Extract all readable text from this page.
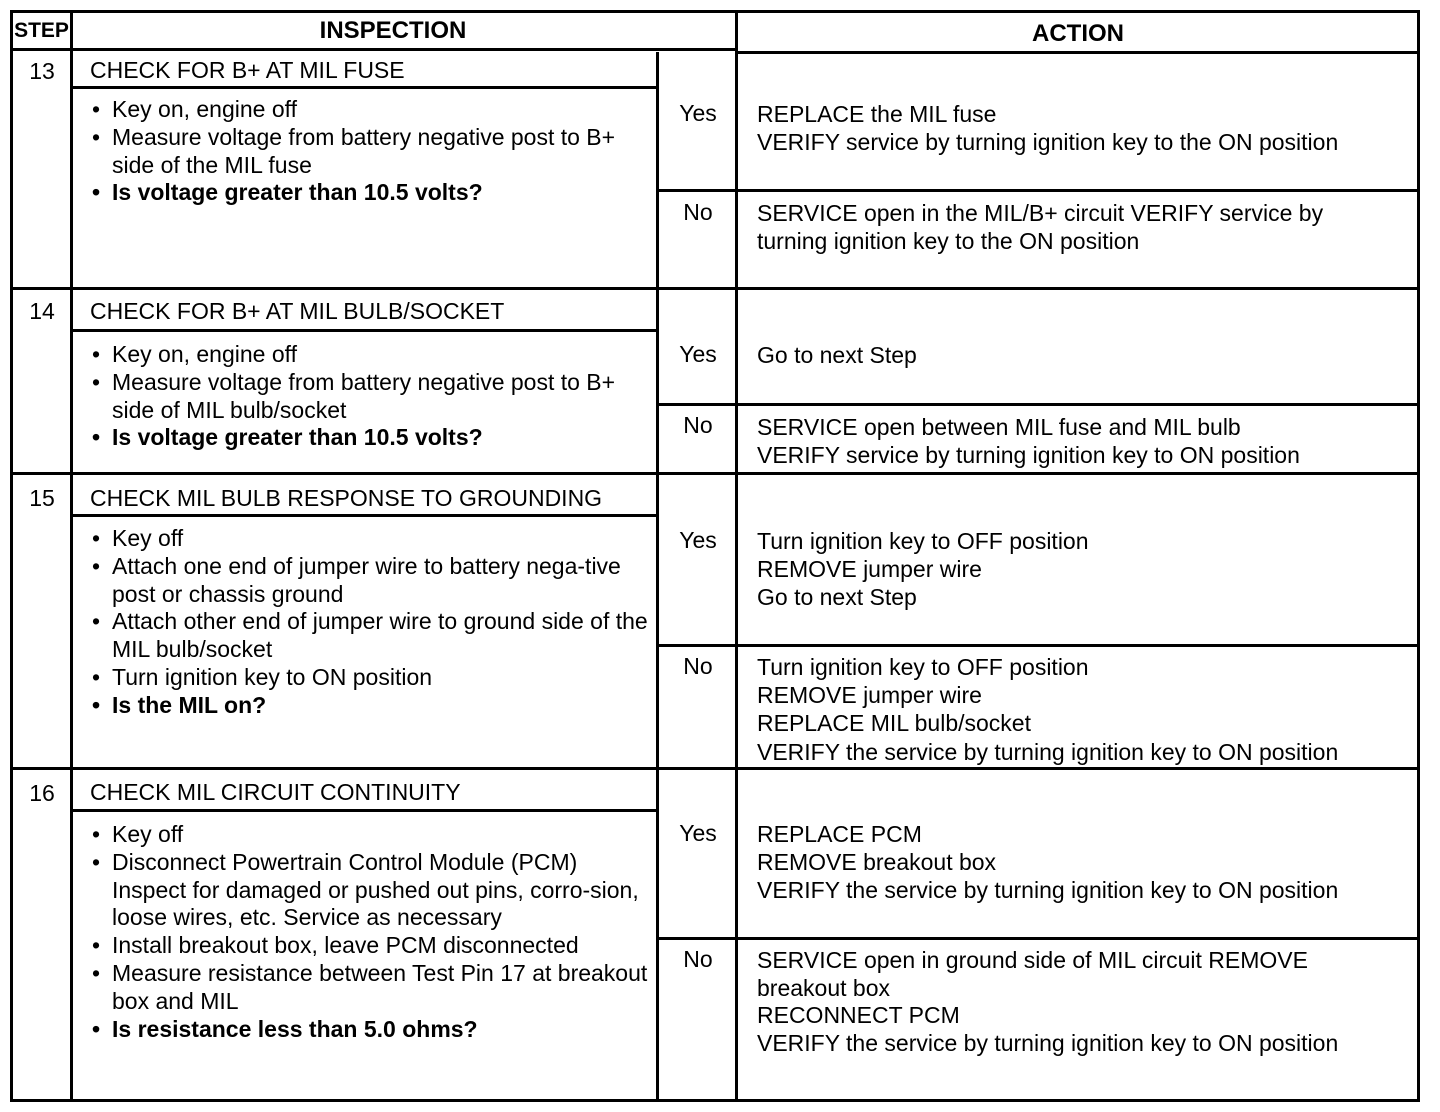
STEP	INSPECTION	ACTION
13	CHECK FOR B+ AT MIL FUSE
• Key on, engine off
• Measure voltage from battery negative post to B+ side of the MIL fuse
• Is voltage greater than 10.5 volts?
Yes	REPLACE the MIL fuse
VERIFY service by turning ignition key to the ON position
No	SERVICE open in the MIL/B+ circuit VERIFY service by turning ignition key to the ON position
14	CHECK FOR B+ AT MIL BULB/SOCKET
• Key on, engine off
• Measure voltage from battery negative post to B+ side of MIL bulb/socket
• Is voltage greater than 10.5 volts?
Yes	Go to next Step
No	SERVICE open between MIL fuse and MIL bulb
VERIFY service by turning ignition key to ON position
15	CHECK MIL BULB RESPONSE TO GROUNDING
• Key off
• Attach one end of jumper wire to battery nega-tive post or chassis ground
• Attach other end of jumper wire to ground side of the MIL bulb/socket
• Turn ignition key to ON position
• Is the MIL on?
Yes	Turn ignition key to OFF position
REMOVE jumper wire
Go to next Step
No	Turn ignition key to OFF position
REMOVE jumper wire
REPLACE MIL bulb/socket
VERIFY the service by turning ignition key to ON position
16	CHECK MIL CIRCUIT CONTINUITY
• Key off
• Disconnect Powertrain Control Module (PCM) Inspect for damaged or pushed out pins, corro-sion, loose wires, etc. Service as necessary
• Install breakout box, leave PCM disconnected
• Measure resistance between Test Pin 17 at breakout box and MIL
• Is resistance less than 5.0 ohms?
Yes	REPLACE PCM
REMOVE breakout box
VERIFY the service by turning ignition key to ON position
No	SERVICE open in ground side of MIL circuit REMOVE breakout box
RECONNECT PCM
VERIFY the service by turning ignition key to ON position
